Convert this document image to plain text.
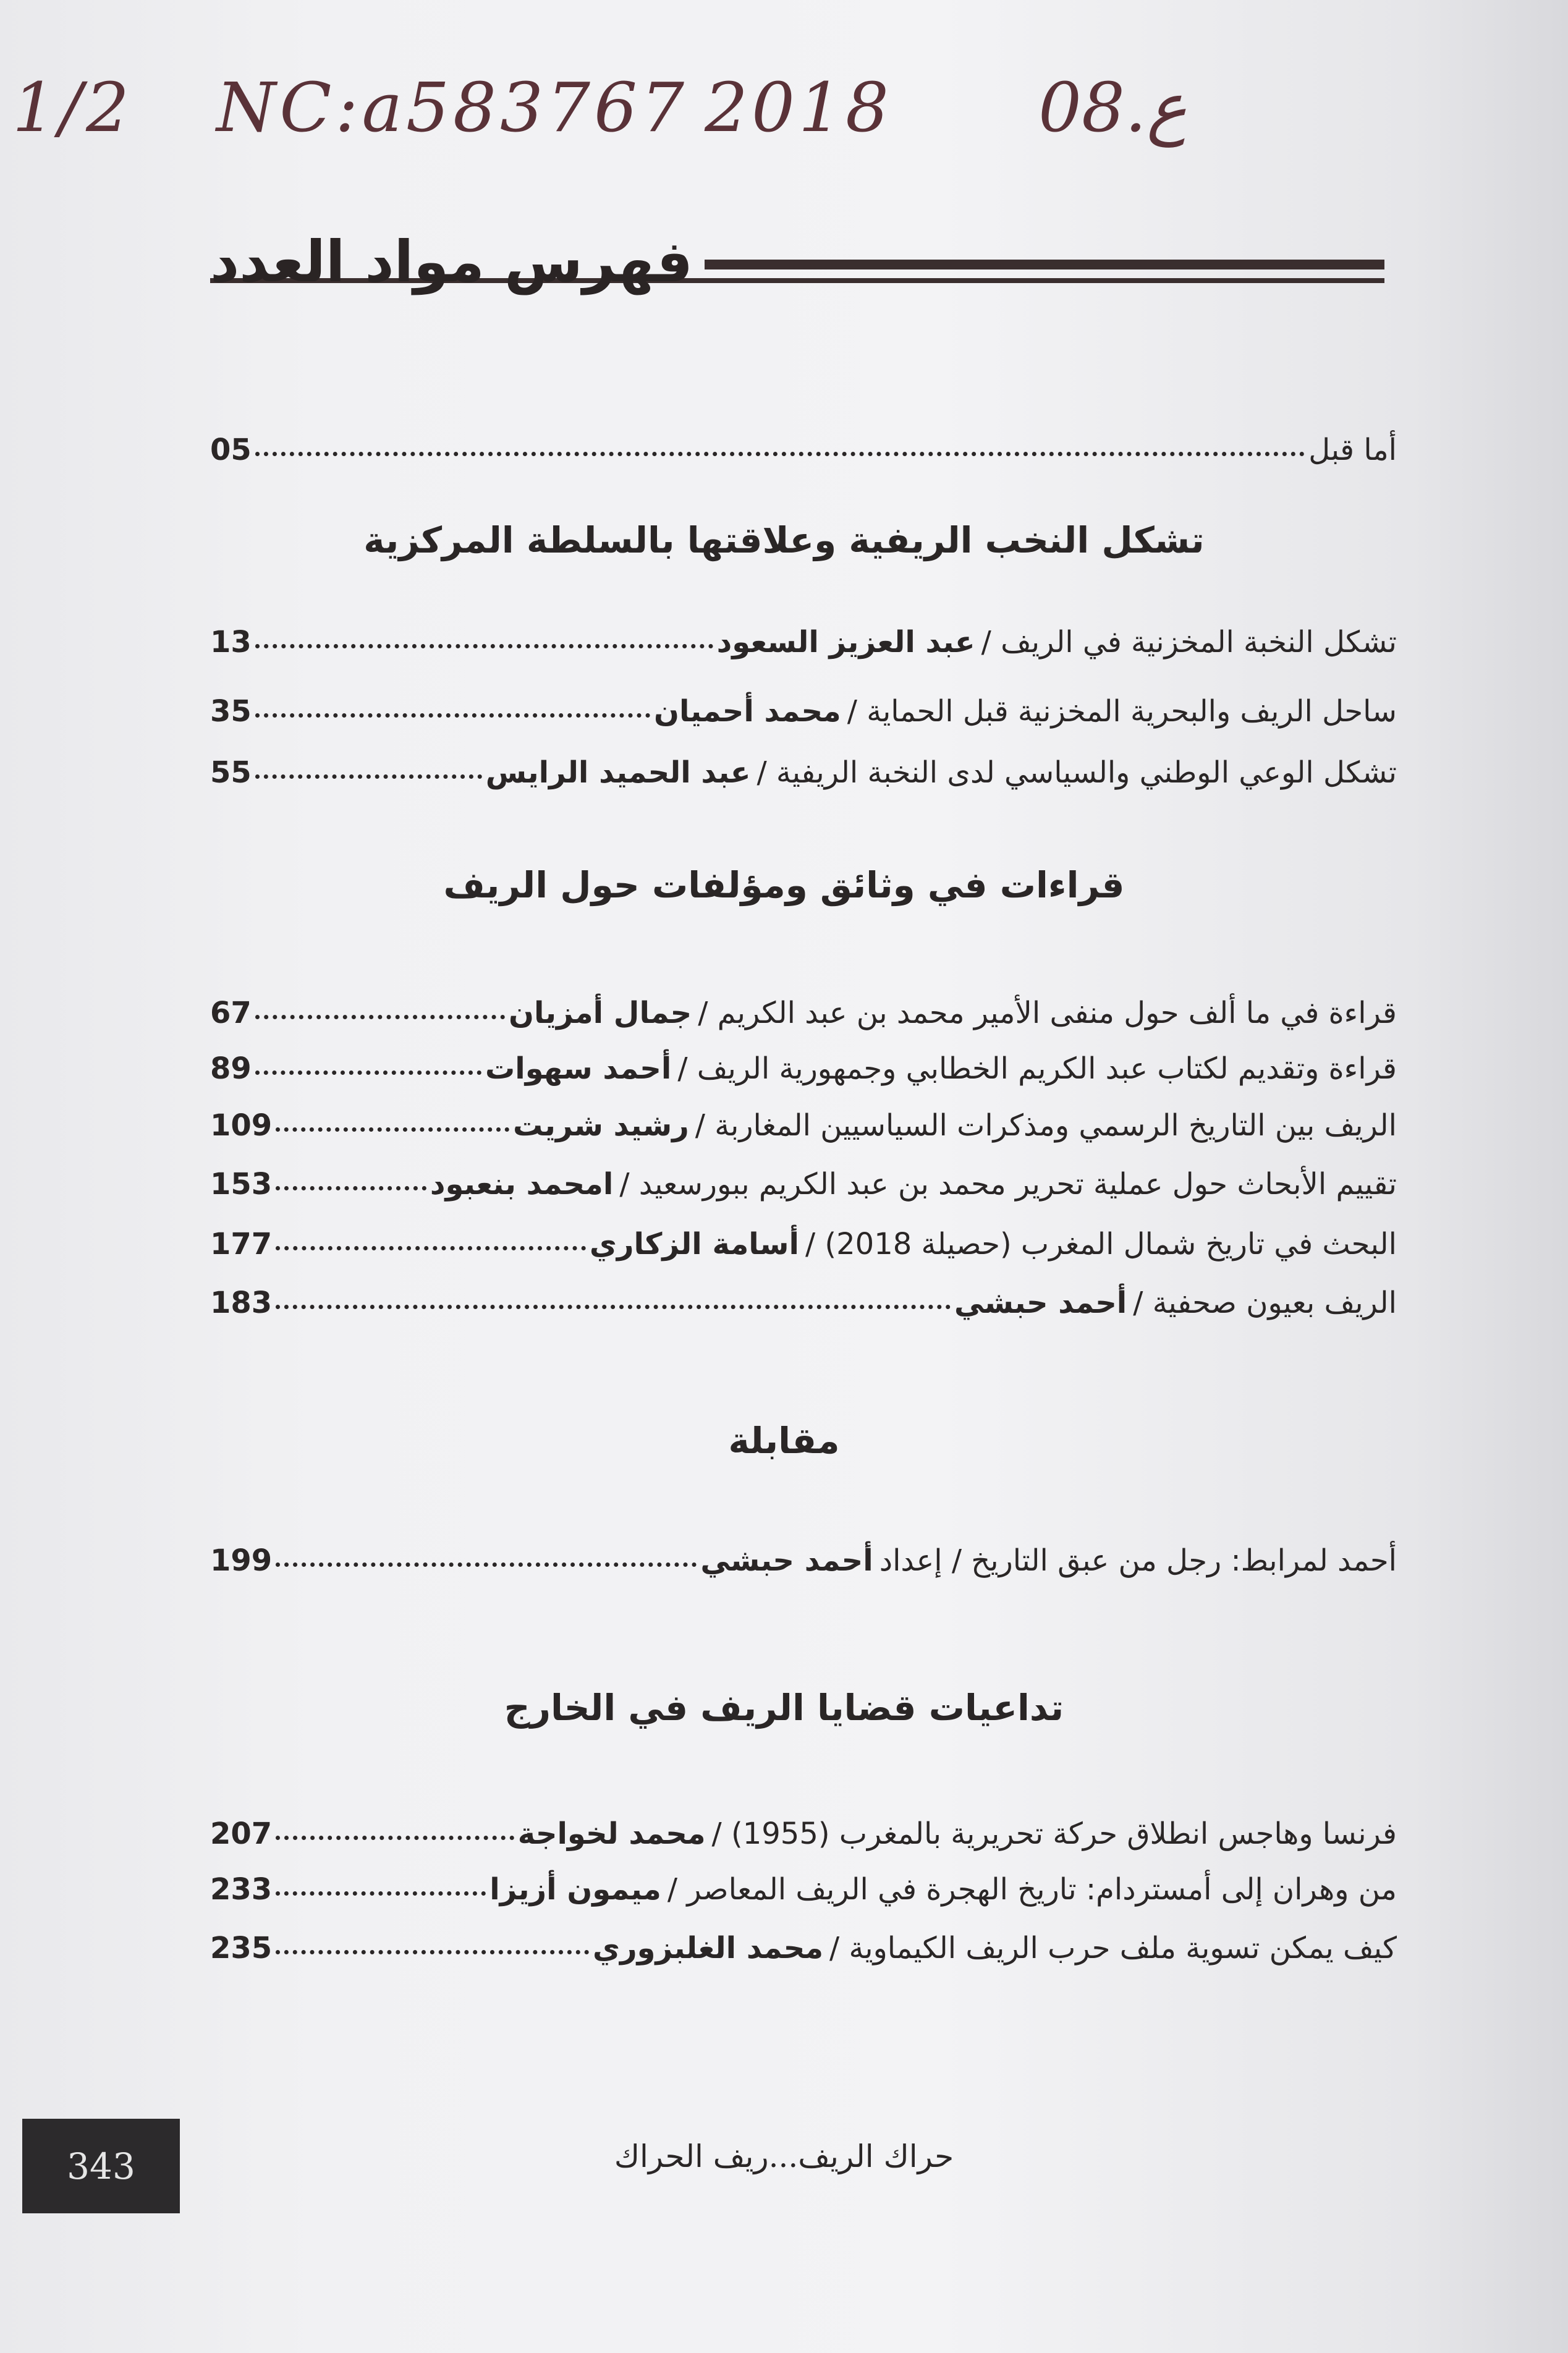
1/2 NC:a583767 2018 ع.08
فهرس مواد العدد
أما قبل
05
تشكل النخب الريفية وعلاقتها بالسلطة المركزية
تشكل النخبة المخزنية في الريف /
عبد العزيز السعود
13
ساحل الريف والبحرية المخزنية قبل الحماية /
محمد أحميان
35
تشكل الوعي الوطني والسياسي لدى النخبة الريفية /
عبد الحميد الرايس
55
قراءات في وثائق ومؤلفات حول الريف
قراءة في ما ألف حول منفى الأمير محمد بن عبد الكريم /
جمال أمزيان
67
قراءة وتقديم لكتاب عبد الكريم الخطابي وجمهورية الريف /
أحمد سهوات
89
الريف بين التاريخ الرسمي ومذكرات السياسيين المغاربة /
رشيد شريت
109
تقييم الأبحاث حول عملية تحرير محمد بن عبد الكريم ببورسعيد /
امحمد بنعبود
153
البحث في تاريخ شمال المغرب (حصيلة 2018) /
أسامة الزكاري
177
الريف بعيون صحفية /
أحمد حبشي
183
مقابلة
أحمد لمرابط: رجل من عبق التاريخ / إعداد
أحمد حبشي
199
تداعيات قضايا الريف في الخارج
فرنسا وهاجس انطلاق حركة تحريرية بالمغرب (1955) /
محمد لخواجة
207
من وهران إلى أمستردام: تاريخ الهجرة في الريف المعاصر /
ميمون أزيزا
233
كيف يمكن تسوية ملف حرب الريف الكيماوية /
محمد الغلبزوري
235
343	حراك الريف...ريف الحراك
